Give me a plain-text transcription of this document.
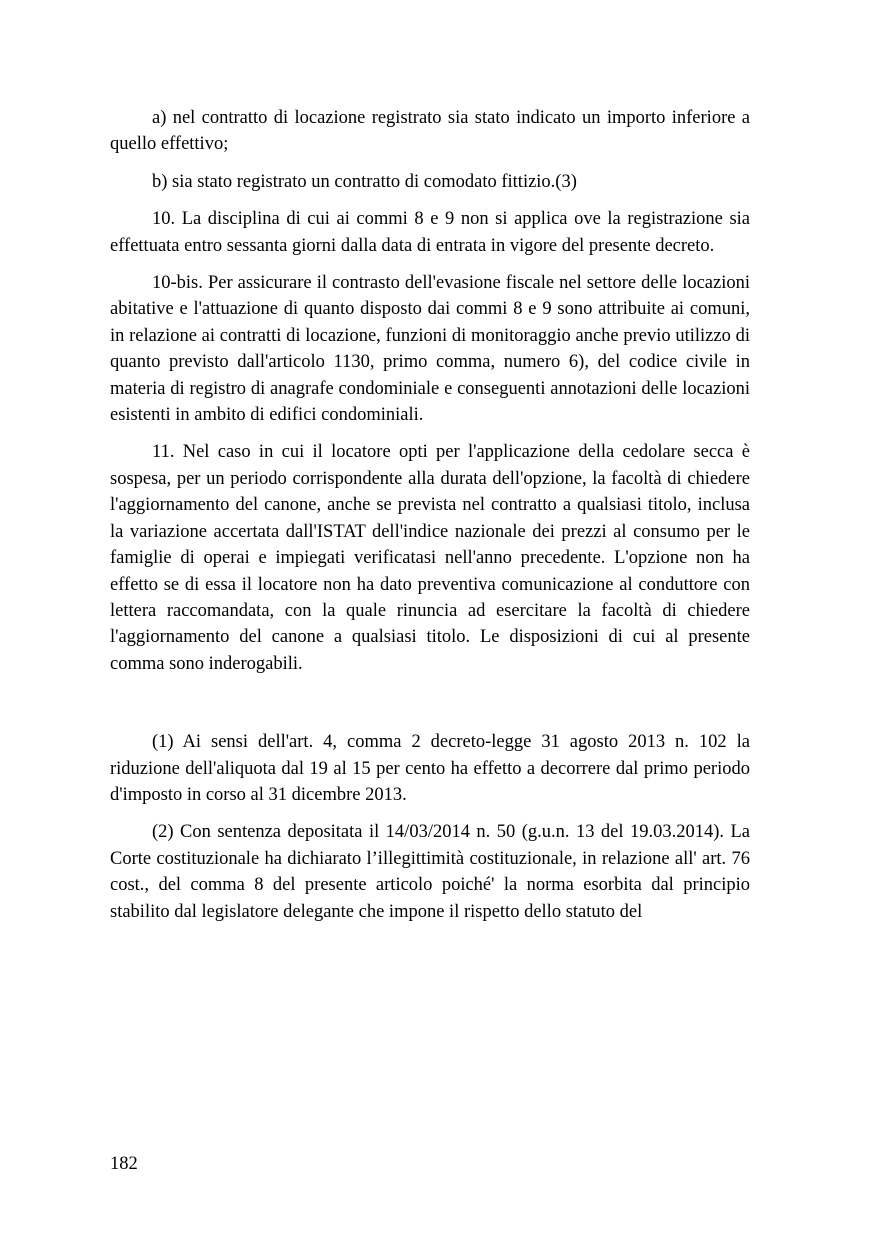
a) nel contratto di locazione registrato sia stato indicato un importo inferiore a quello effettivo;

b) sia stato registrato un contratto di comodato fittizio.(3)

10. La disciplina di cui ai commi 8 e 9 non si applica ove la registrazione sia effettuata entro sessanta giorni dalla data di entrata in vigore del presente decreto.

10-bis. Per assicurare il contrasto dell'evasione fiscale nel settore delle locazioni abitative e l'attuazione di quanto disposto dai commi 8 e 9 sono attribuite ai comuni, in relazione ai contratti di locazione, funzioni di monitoraggio anche previo utilizzo di quanto previsto dall'articolo 1130, primo comma, numero 6), del codice civile in materia di registro di anagrafe condominiale e conseguenti annotazioni delle locazioni esistenti in ambito di edifici condominiali.

11. Nel caso in cui il locatore opti per l'applicazione della cedolare secca è sospesa, per un periodo corrispondente alla durata dell'opzione, la facoltà di chiedere l'aggiornamento del canone, anche se prevista nel contratto a qualsiasi titolo, inclusa la variazione accertata dall'ISTAT dell'indice nazionale dei prezzi al consumo per le famiglie di operai e impiegati verificatasi nell'anno precedente. L'opzione non ha effetto se di essa il locatore non ha dato preventiva comunicazione al conduttore con lettera raccomandata, con la quale rinuncia ad esercitare la facoltà di chiedere l'aggiornamento del canone a qualsiasi titolo. Le disposizioni di cui al presente comma sono inderogabili.

(1) Ai sensi dell'art. 4, comma 2 decreto-legge 31 agosto 2013 n. 102 la riduzione dell'aliquota dal 19 al 15 per cento ha effetto a decorrere dal primo periodo d'imposto in corso al 31 dicembre 2013.

(2) Con sentenza depositata il 14/03/2014 n. 50 (g.u.n. 13 del 19.03.2014). La Corte costituzionale ha dichiarato l’illegittimità costituzionale, in relazione all' art. 76 cost., del comma 8 del presente articolo poiché' la norma esorbita dal principio stabilito dal legislatore delegante che impone il rispetto dello statuto del

182
